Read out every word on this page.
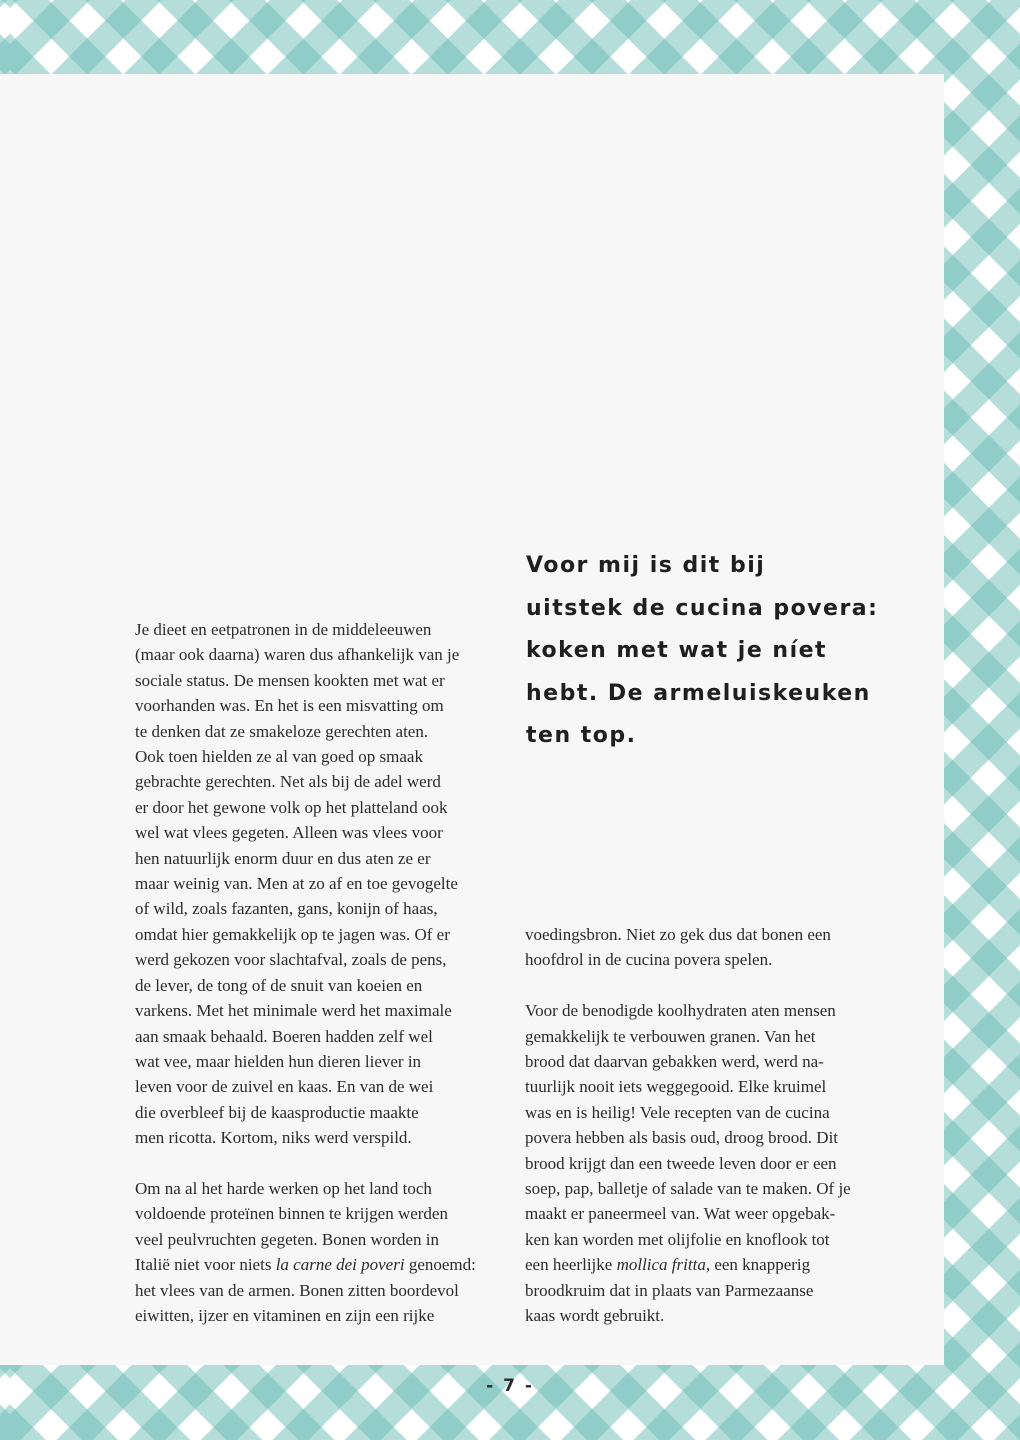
Voor mij is dit bij
uitstek de cucina povera:
koken met wat je níet
hebt. De armeluiskeuken
ten top.

Je dieet en eetpatronen in de middeleeuwen
(maar ook daarna) waren dus afhankelijk van je
sociale status. De mensen kookten met wat er
voorhanden was. En het is een misvatting om
te denken dat ze smakeloze gerechten aten.
Ook toen hielden ze al van goed op smaak
gebrachte gerechten. Net als bij de adel werd
er door het gewone volk op het platteland ook
wel wat vlees gegeten. Alleen was vlees voor
hen natuurlijk enorm duur en dus aten ze er
maar weinig van. Men at zo af en toe gevogelte
of wild, zoals fazanten, gans, konijn of haas,
omdat hier gemakkelijk op te jagen was. Of er
werd gekozen voor slachtafval, zoals de pens,
de lever, de tong of de snuit van koeien en
varkens. Met het minimale werd het maximale
aan smaak behaald. Boeren hadden zelf wel
wat vee, maar hielden hun dieren liever in
leven voor de zuivel en kaas. En van de wei
die overbleef bij de kaasproductie maakte
men ricotta. Kortom, niks werd verspild.

Om na al het harde werken op het land toch
voldoende proteïnen binnen te krijgen werden
veel peulvruchten gegeten. Bonen worden in
Italië niet voor niets la carne dei poveri genoemd:
het vlees van de armen. Bonen zitten boordevol
eiwitten, ijzer en vitaminen en zijn een rijke

voedingsbron. Niet zo gek dus dat bonen een
hoofdrol in de cucina povera spelen.

Voor de benodigde koolhydraten aten mensen
gemakkelijk te verbouwen granen. Van het
brood dat daarvan gebakken werd, werd na-
tuurlijk nooit iets weggegooid. Elke kruimel
was en is heilig! Vele recepten van de cucina
povera hebben als basis oud, droog brood. Dit
brood krijgt dan een tweede leven door er een
soep, pap, balletje of salade van te maken. Of je
maakt er paneermeel van. Wat weer opgebak-
ken kan worden met olijfolie en knoflook tot
een heerlijke mollica fritta, een knapperig
broodkruim dat in plaats van Parmezaanse
kaas wordt gebruikt.

- 7 -
